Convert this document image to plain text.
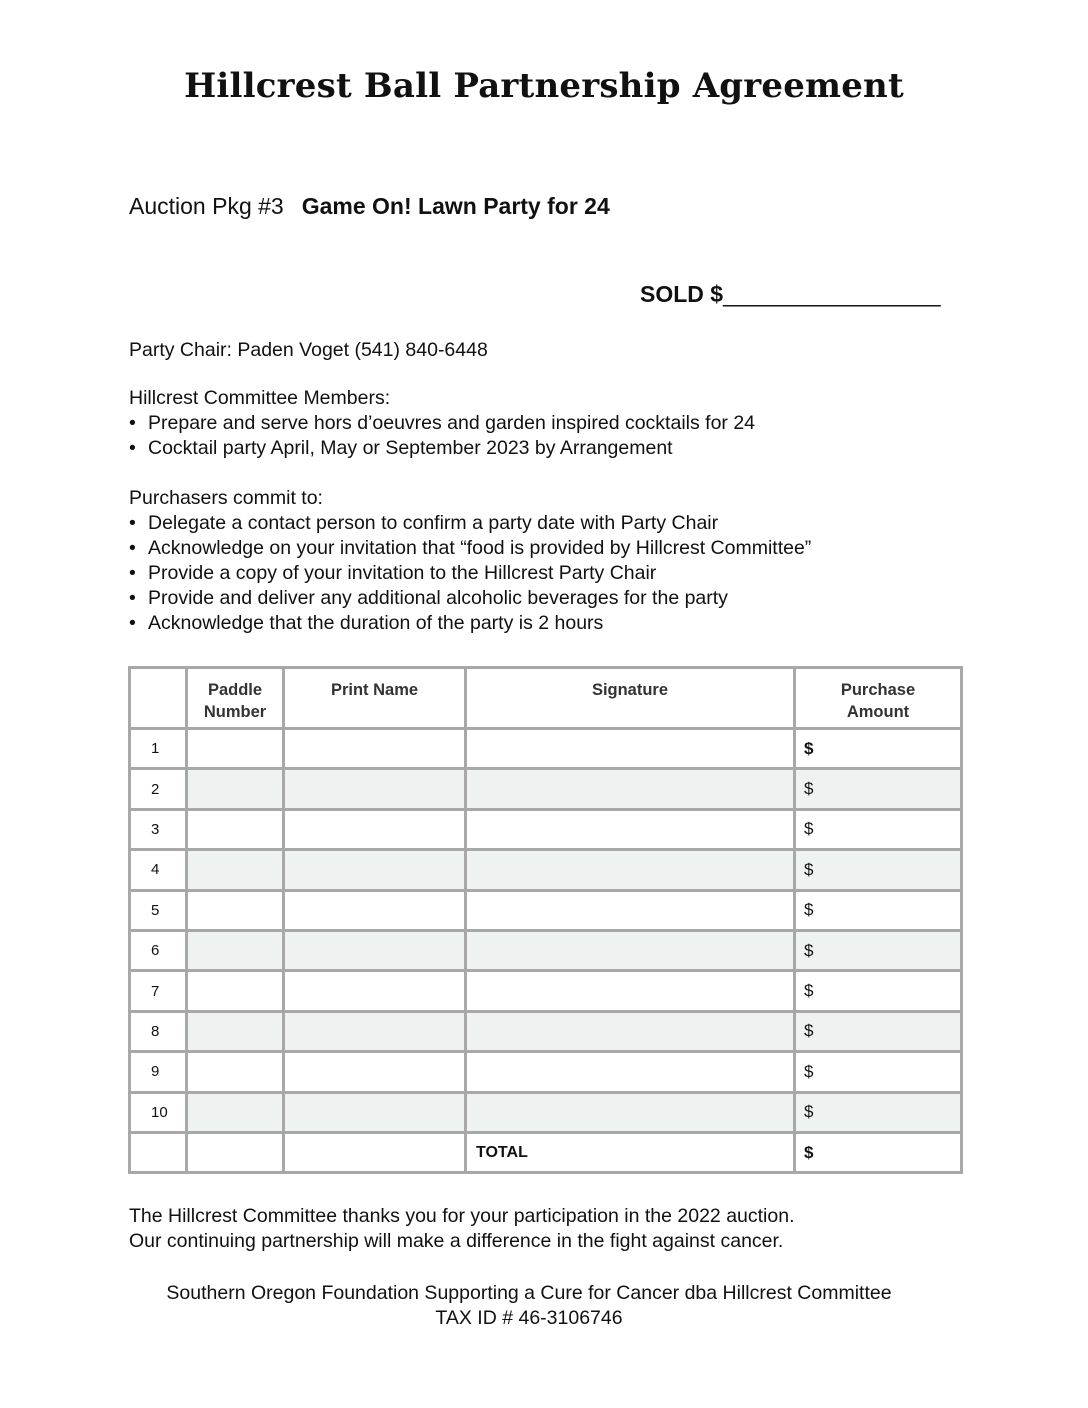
Hillcrest Ball Partnership Agreement
Auction Pkg #3 Game On! Lawn Party for 24
SOLD $_________________
Party Chair: Paden Voget (541) 840-6448
Hillcrest Committee Members:
• Prepare and serve hors d’oeuvres and garden inspired cocktails for 24
• Cocktail party April, May or September 2023 by Arrangement
Purchasers commit to:
• Delegate a contact person to confirm a party date with Party Chair
• Acknowledge on your invitation that “food is provided by Hillcrest Committee”
• Provide a copy of your invitation to the Hillcrest Party Chair
• Provide and deliver any additional alcoholic beverages for the party
• Acknowledge that the duration of the party is 2 hours
	Paddle Number	Print Name	Signature	Purchase Amount
1				$
2				$
3				$
4				$
5				$
6				$
7				$
8				$
9				$
10				$
			TOTAL	$
The Hillcrest Committee thanks you for your participation in the 2022 auction.
Our continuing partnership will make a difference in the fight against cancer.
Southern Oregon Foundation Supporting a Cure for Cancer dba Hillcrest Committee
TAX ID # 46-3106746
